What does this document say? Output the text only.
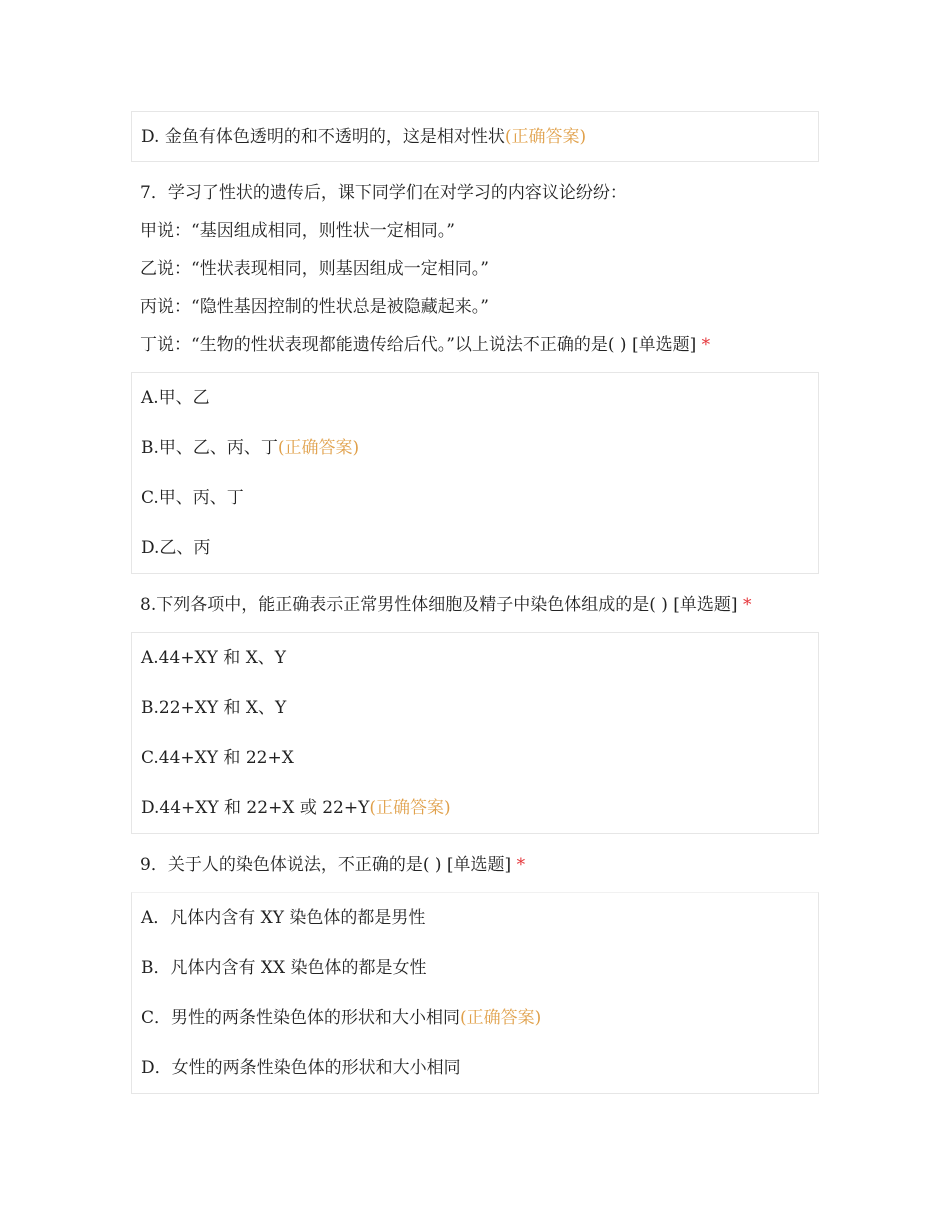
D. 金鱼有体色透明的和不透明的，这是相对性状(正确答案)
7．学习了性状的遗传后，课下同学们在对学习的内容议论纷纷：
甲说：“基因组成相同，则性状一定相同。”
乙说：“性状表现相同，则基因组成一定相同。”
丙说：“隐性基因控制的性状总是被隐藏起来。”
丁说：“生物的性状表现都能遗传给后代。”以上说法不正确的是( ) [单选题] *
A.甲、乙
B.甲、乙、丙、丁(正确答案)
C.甲、丙、丁
D.乙、丙
8.下列各项中，能正确表示正常男性体细胞及精子中染色体组成的是( ) [单选题] *
A.44+XY 和 X、Y
B.22+XY 和 X、Y
C.44+XY 和 22+X
D.44+XY 和 22+X 或 22+Y(正确答案)
9．关于人的染色体说法，不正确的是( ) [单选题] *
A．凡体内含有 XY 染色体的都是男性
B．凡体内含有 XX 染色体的都是女性
C．男性的两条性染色体的形状和大小相同(正确答案)
D．女性的两条性染色体的形状和大小相同
